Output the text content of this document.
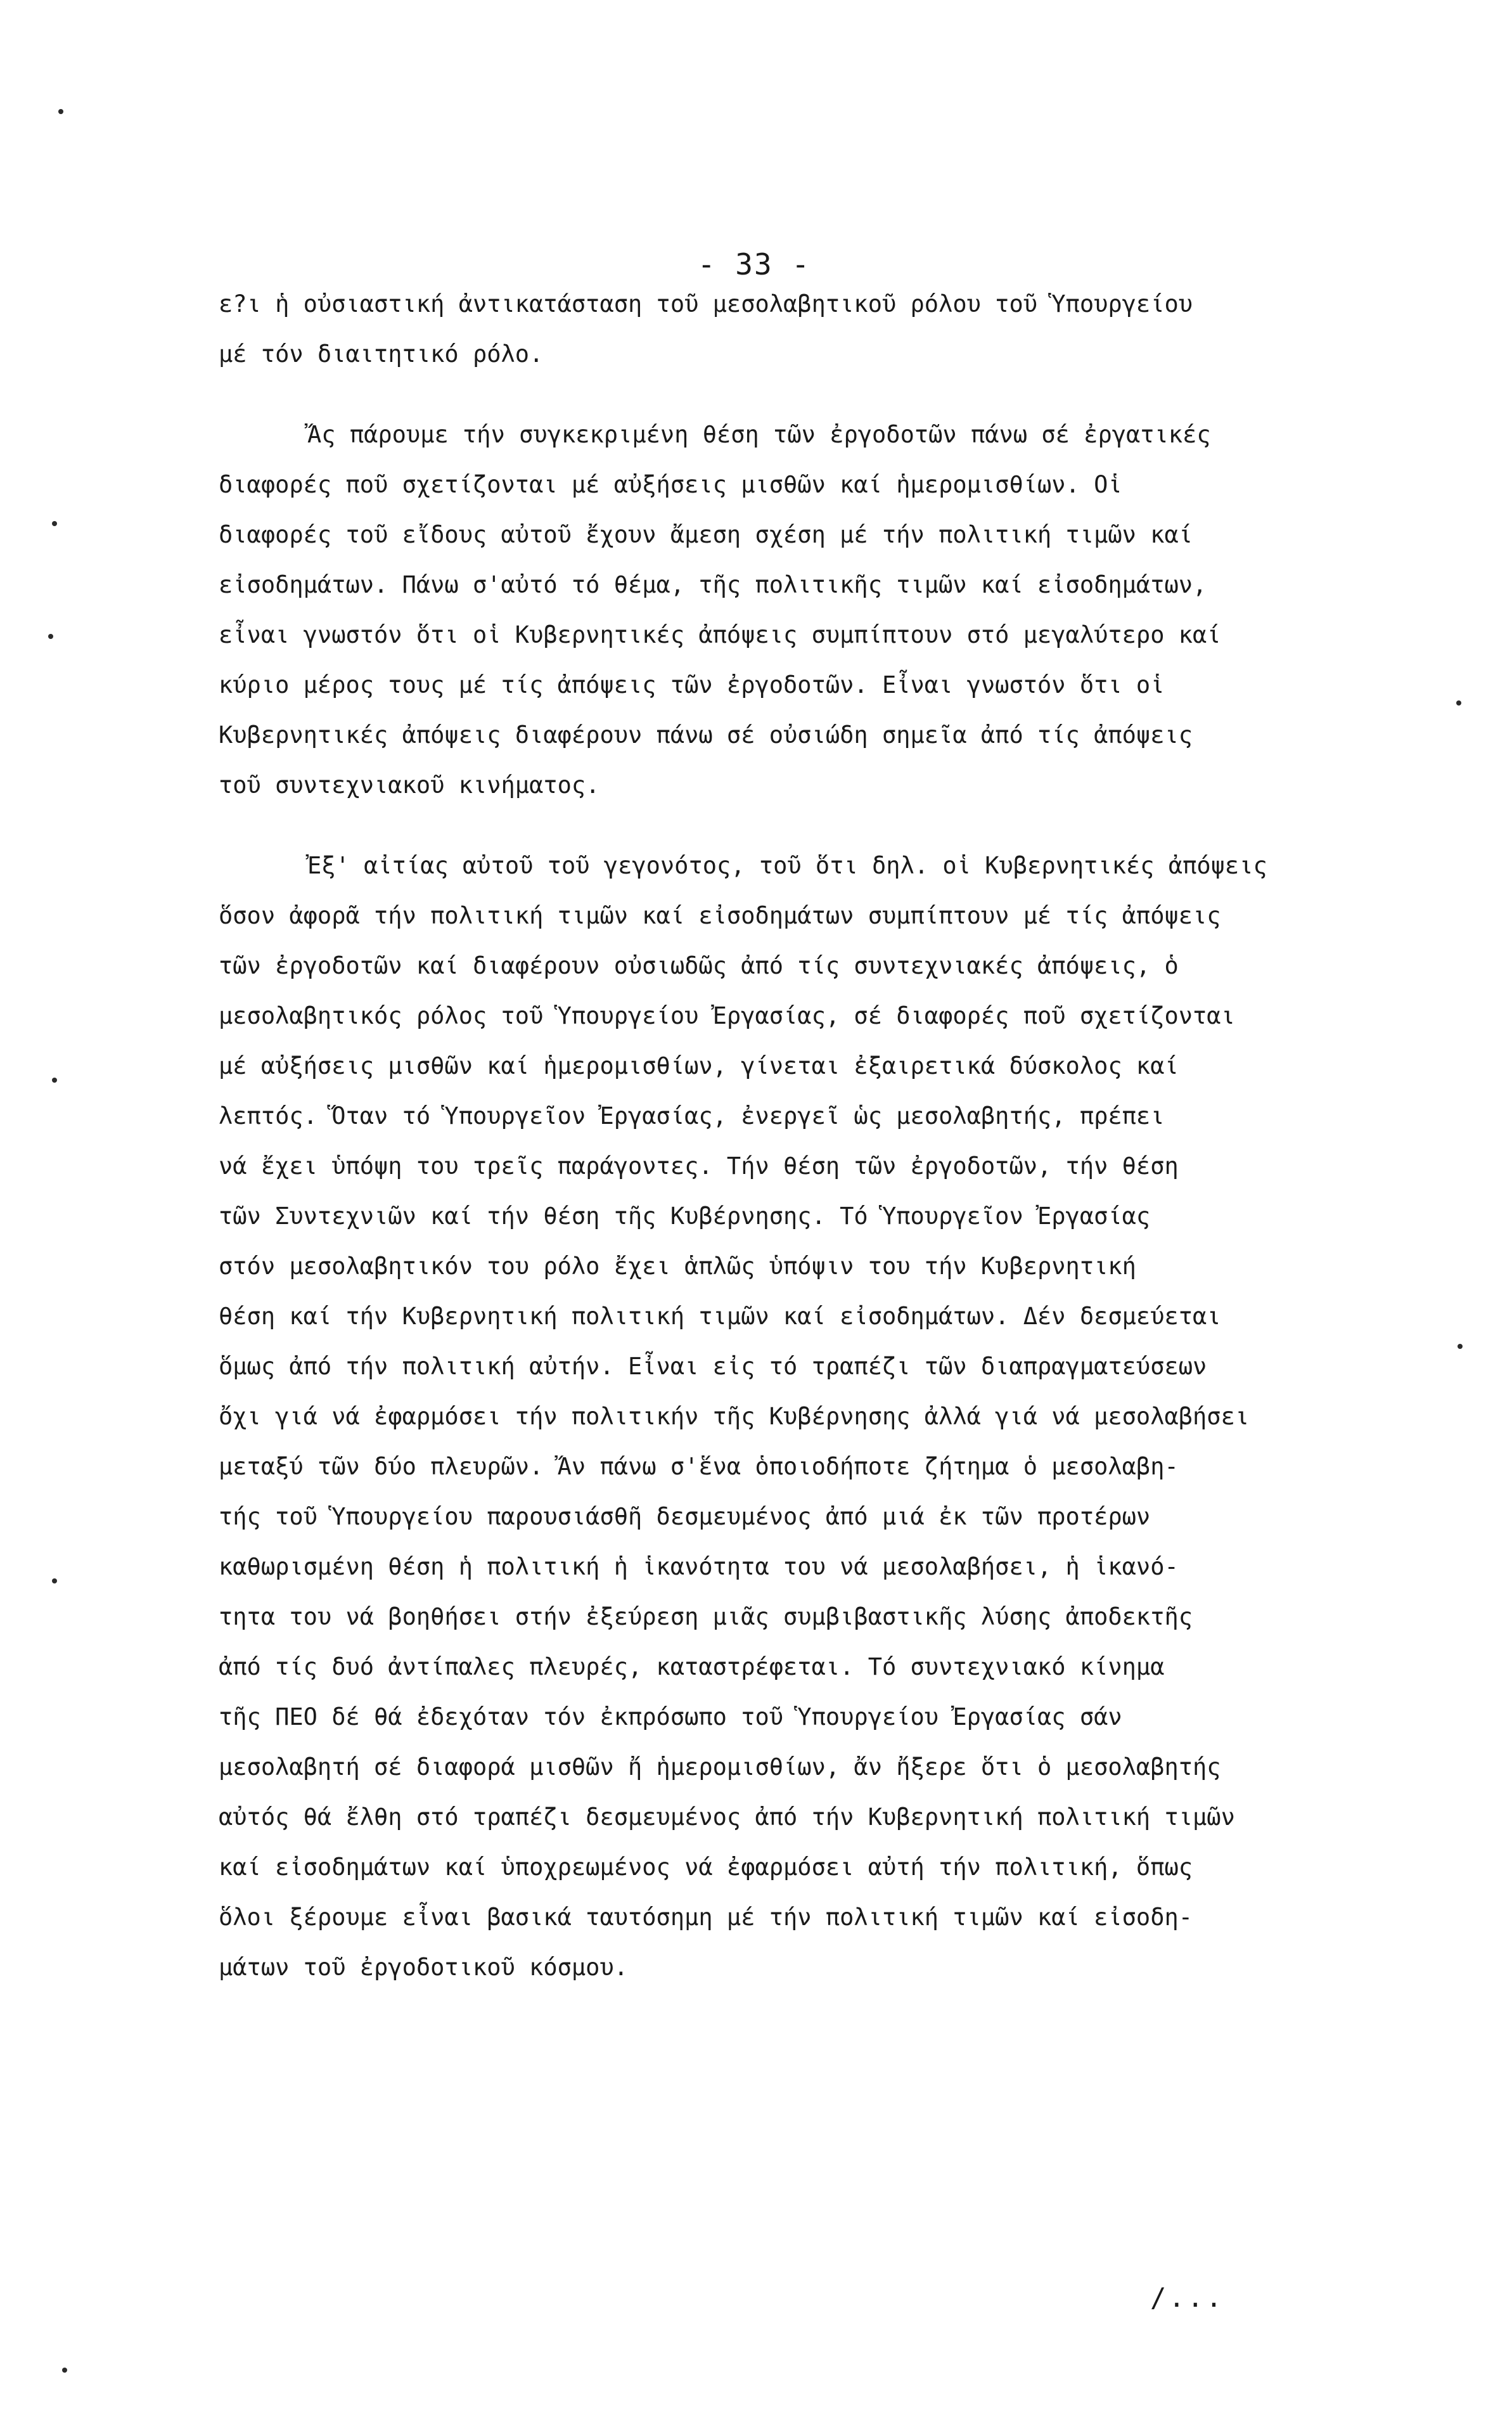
- 33 -
ε?ι ἡ οὐσιαστική ἀντικατάσταση τοῦ μεσολαβητικοῦ ρόλου τοῦ Ὑπουργείου
μέ τόν διαιτητικό ρόλο.
Ἄς πάρουμε τήν συγκεκριμένη θέση τῶν ἐργοδοτῶν πάνω σέ ἐργατικές
διαφορές ποῦ σχετίζονται μέ αὐξήσεις μισθῶν καί ἡμερομισθίων. Οἱ
διαφορές τοῦ εἴδους αὐτοῦ ἔχουν ἄμεση σχέση μέ τήν πολιτική τιμῶν καί
εἰσοδημάτων. Πάνω σ'αὐτό τό θέμα, τῆς πολιτικῆς τιμῶν καί εἰσοδημάτων,
εἶναι γνωστόν ὅτι οἱ Κυβερνητικές ἀπόψεις συμπίπτουν στό μεγαλύτερο καί
κύριο μέρος τους μέ τίς ἀπόψεις τῶν ἐργοδοτῶν. Εἶναι γνωστόν ὅτι οἱ
Κυβερνητικές ἀπόψεις διαφέρουν πάνω σέ οὐσιώδη σημεῖα ἀπό τίς ἀπόψεις
τοῦ συντεχνιακοῦ κινήματος.
Ἐξ' αἰτίας αὐτοῦ τοῦ γεγονότος, τοῦ ὅτι δηλ. οἱ Κυβερνητικές ἀπόψεις
ὅσον ἀφορᾶ τήν πολιτική τιμῶν καί εἰσοδημάτων συμπίπτουν μέ τίς ἀπόψεις
τῶν ἐργοδοτῶν καί διαφέρουν οὐσιωδῶς ἀπό τίς συντεχνιακές ἀπόψεις, ὁ
μεσολαβητικός ρόλος τοῦ Ὑπουργείου Ἐργασίας, σέ διαφορές ποῦ σχετίζονται
μέ αὐξήσεις μισθῶν καί ἡμερομισθίων, γίνεται ἐξαιρετικά δύσκολος καί
λεπτός. Ὅταν τό Ὑπουργεῖον Ἐργασίας, ἐνεργεῖ ὡς μεσολαβητής, πρέπει
νά ἔχει ὑπόψη του τρεῖς παράγοντες. Τήν θέση τῶν ἐργοδοτῶν, τήν θέση
τῶν Συντεχνιῶν καί τήν θέση τῆς Κυβέρνησης. Τό Ὑπουργεῖον Ἐργασίας
στόν μεσολαβητικόν του ρόλο ἔχει ἁπλῶς ὑπόψιν του τήν Κυβερνητική
θέση καί τήν Κυβερνητική πολιτική τιμῶν καί εἰσοδημάτων. Δέν δεσμεύεται
ὅμως ἀπό τήν πολιτική αὐτήν. Εἶναι εἰς τό τραπέζι τῶν διαπραγματεύσεων
ὄχι γιά νά ἐφαρμόσει τήν πολιτικήν τῆς Κυβέρνησης ἀλλά γιά νά μεσολαβήσει
μεταξύ τῶν δύο πλευρῶν. Ἄν πάνω σ'ἕνα ὁποιοδήποτε ζήτημα ὁ μεσολαβη-
τής τοῦ Ὑπουργείου παρουσιάσθῆ δεσμευμένος ἀπό μιά ἐκ τῶν προτέρων
καθωρισμένη θέση ἡ πολιτική ἡ ἱκανότητα του νά μεσολαβήσει, ἡ ἱκανό-
τητα του νά βοηθήσει στήν ἐξεύρεση μιᾶς συμβιβαστικῆς λύσης ἀποδεκτῆς
ἀπό τίς δυό ἀντίπαλες πλευρές, καταστρέφεται. Τό συντεχνιακό κίνημα
τῆς ΠΕΟ δέ θά ἐδεχόταν τόν ἐκπρόσωπο τοῦ Ὑπουργείου Ἐργασίας σάν
μεσολαβητή σέ διαφορά μισθῶν ἤ ἡμερομισθίων, ἄν ἤξερε ὅτι ὁ μεσολαβητής
αὐτός θά ἔλθη στό τραπέζι δεσμευμένος ἀπό τήν Κυβερνητική πολιτική τιμῶν
καί εἰσοδημάτων καί ὑποχρεωμένος νά ἐφαρμόσει αὐτή τήν πολιτική, ὅπως
ὅλοι ξέρουμε εἶναι βασικά ταυτόσημη μέ τήν πολιτική τιμῶν καί εἰσοδη-
μάτων τοῦ ἐργοδοτικοῦ κόσμου.
/...
